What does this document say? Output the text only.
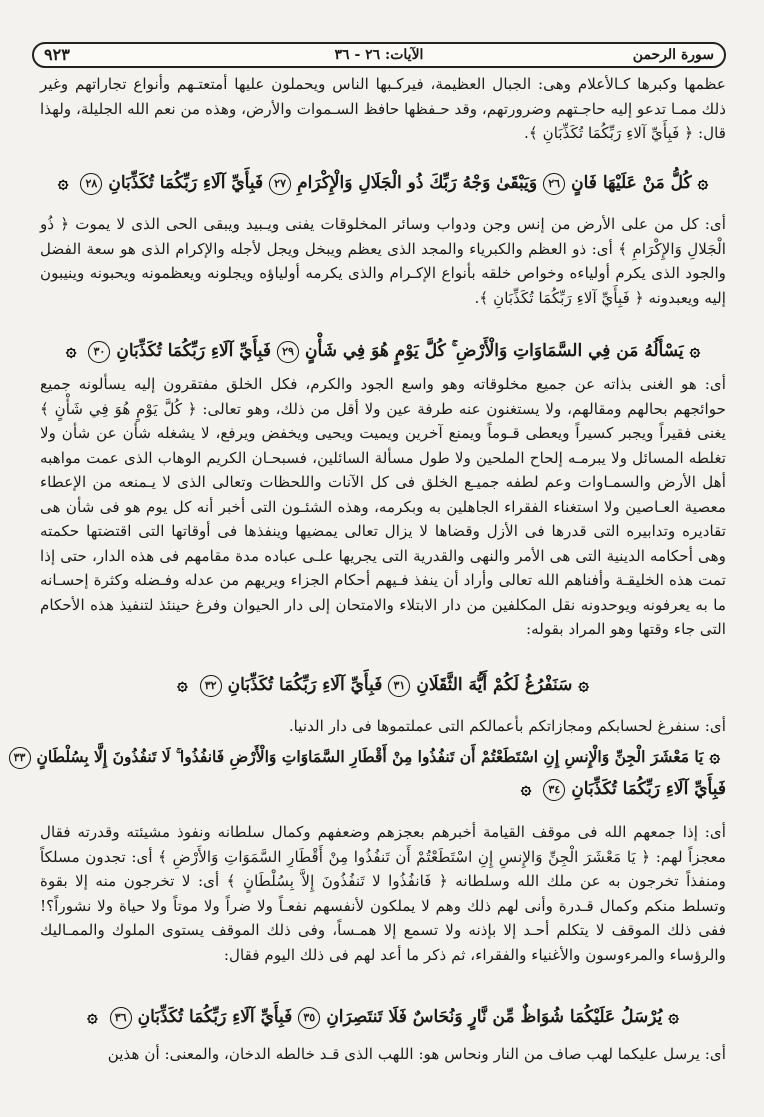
سورة الرحمن
الآيات: ٢٦ - ٣٦
٩٢٣
عظمها وكبرها كـالأعلام وهى: الجبال العظيمة، فيركـبها الناس ويحملون عليها أمتعتـهم وأنواع تجاراتهم وغير ذلك ممـا تدعو إليه حاجـتهم وضرورتهم، وقد حـفظها حافظ السـموات والأرض، وهذه من نعم الله الجليلة، ولهذا قال: ﴿ فَبِأَيِّ آلاءِ رَبِّكُمَا تُكَذِّبَانِ ﴾.
۞كُلُّ مَنْ عَلَيْهَا فَانٍ٢٦وَيَبْقَىٰ وَجْهُ رَبِّكَ ذُو الْجَلَالِ وَالْإِكْرَامِ٢٧فَبِأَيِّ آلَاءِ رَبِّكُمَا تُكَذِّبَانِ٢٨۞
أى: كل من على الأرض من إنس وجن ودواب وسائر المخلوقات يفنى ويـبيد ويبقى الحى الذى لا يموت ﴿ ذُو الْجَلالِ وَالإِكْرَامِ ﴾ أى: ذو العظم والكبرياء والمجد الذى يعظم ويبخل ويجل لأجله والإكرام الذى هو سعة الفضل والجود الذى يكرم أولياءه وخواص خلقه بأنواع الإكـرام والذى يكرمه أولياؤه ويجلونه ويعظمونه ويحبونه وينيبون إليه ويعبدونه ﴿ فَبِأَيِّ آلاءِ رَبِّكُمَا تُكَذِّبَانِ ﴾.
۞يَسْأَلُهُ مَن فِي السَّمَاوَاتِ وَالْأَرْضِ ۚ كُلَّ يَوْمٍ هُوَ فِي شَأْنٍ٢٩فَبِأَيِّ آلَاءِ رَبِّكُمَا تُكَذِّبَانِ٣٠۞
أى: هو الغنى بذاته عن جميع مخلوقاته وهو واسع الجود والكرم، فكل الخلق مفتقرون إليه يسألونه جميع حوائجهم بحالهم ومقالهم، ولا يستغنون عنه طرفة عين ولا أقل من ذلك، وهو تعالى: ﴿ كُلَّ يَوْمٍ هُوَ فِي شَأْنٍ ﴾ يغنى فقيراً ويجبر كسيراً ويعطى قـوماً ويمنع آخرين ويميت ويحيى ويخفض ويرفع، لا يشغله شأن عن شأن ولا تغلطه المسائل ولا يبرمـه إلحاح الملحين ولا طول مسألة السائلين، فسبحـان الكريم الوهاب الذى عمت مواهبه أهل الأرض والسمـاوات وعم لطفه جميـع الخلق فى كل الآنات واللحظات وتعالى الذى لا يـمنعه من الإعطاء معصية العـاصين ولا استغناء الفقراء الجاهلين به وبكرمه، وهذه الشئـون التى أخبر أنه كل يوم هو فى شأن هى تقاديره وتدابيره التى قدرها فى الأزل وقضاها لا يزال تعالى يمضيها وينفذها فى أوقاتها التى اقتضتها حكمته وهى أحكامه الدينية التى هى الأمر والنهى والقدرية التى يجريها علـى عباده مدة مقامهم فى هذه الدار، حتى إذا تمت هذه الخليقـة وأفناهم الله تعالى وأراد أن ينفذ فـيهم أحكام الجزاء ويريهم من عدله وفـضله وكثرة إحسـانه ما به يعرفونه ويوحدونه نقل المكلفين من دار الابتلاء والامتحان إلى دار الحيوان وفرغ حينئذ لتنفيذ هذه الأحكام التى جاء وقتها وهو المراد بقوله:
۞سَنَفْرُغُ لَكُمْ أَيُّهَ الثَّقَلَانِ٣١فَبِأَيِّ آلَاءِ رَبِّكُمَا تُكَذِّبَانِ٣٢۞
أى: سنفرغ لحسابكم ومجازاتكم بأعمالكم التى عملتموها فى دار الدنيا.
۞يَا مَعْشَرَ الْجِنِّ وَالْإِنسِ إِنِ اسْتَطَعْتُمْ أَن تَنفُذُوا مِنْ أَقْطَارِ السَّمَاوَاتِ وَالْأَرْضِ فَانفُذُوا ۚ لَا تَنفُذُونَ إِلَّا بِسُلْطَانٍ٣٣
فَبِأَيِّ آلَاءِ رَبِّكُمَا تُكَذِّبَانِ٣٤۞
أى: إذا جمعهم الله فى موقف القيامة أخبرهم بعجزهم وضعفهم وكمال سلطانه ونفوذ مشيئته وقدرته فقال معجزاً لهم: ﴿ يَا مَعْشَرَ الْجِنِّ وَالإِنسِ إِنِ اسْتَطَعْتُمْ أَن تَنفُذُوا مِنْ أَقْطَارِ السَّمَوَاتِ وَالأَرْضِ ﴾ أى: تجدون مسلكاً ومنفذاً تخرجون به عن ملك الله وسلطانه ﴿ فَانفُذُوا لا تَنفُذُونَ إِلاَّ بِسُلْطَانٍ ﴾ أى: لا تخرجون منه إلا بقوة وتسلط منكم وكمال قـدرة وأنى لهم ذلك وهم لا يملكون لأنفسهم نفعـاً ولا ضراً ولا موتاً ولا حياة ولا نشوراً؟! ففى ذلك الموقف لا يتكلم أحـد إلا بإذنه ولا تسمع إلا همـساً، وفى ذلك الموقف يستوى الملوك والممـاليك والرؤساء والمرءوسون والأغنياء والفقراء، ثم ذكر ما أعد لهم فى ذلك اليوم فقال:
۞يُرْسَلُ عَلَيْكُمَا شُوَاظٌ مِّن نَّارٍ وَنُحَاسٌ فَلَا تَنتَصِرَانِ٣٥فَبِأَيِّ آلَاءِ رَبِّكُمَا تُكَذِّبَانِ٣٦۞
أى: يرسل عليكما لهب صاف من النار ونحاس هو: اللهب الذى قـد خالطه الدخان، والمعنى: أن هذين
